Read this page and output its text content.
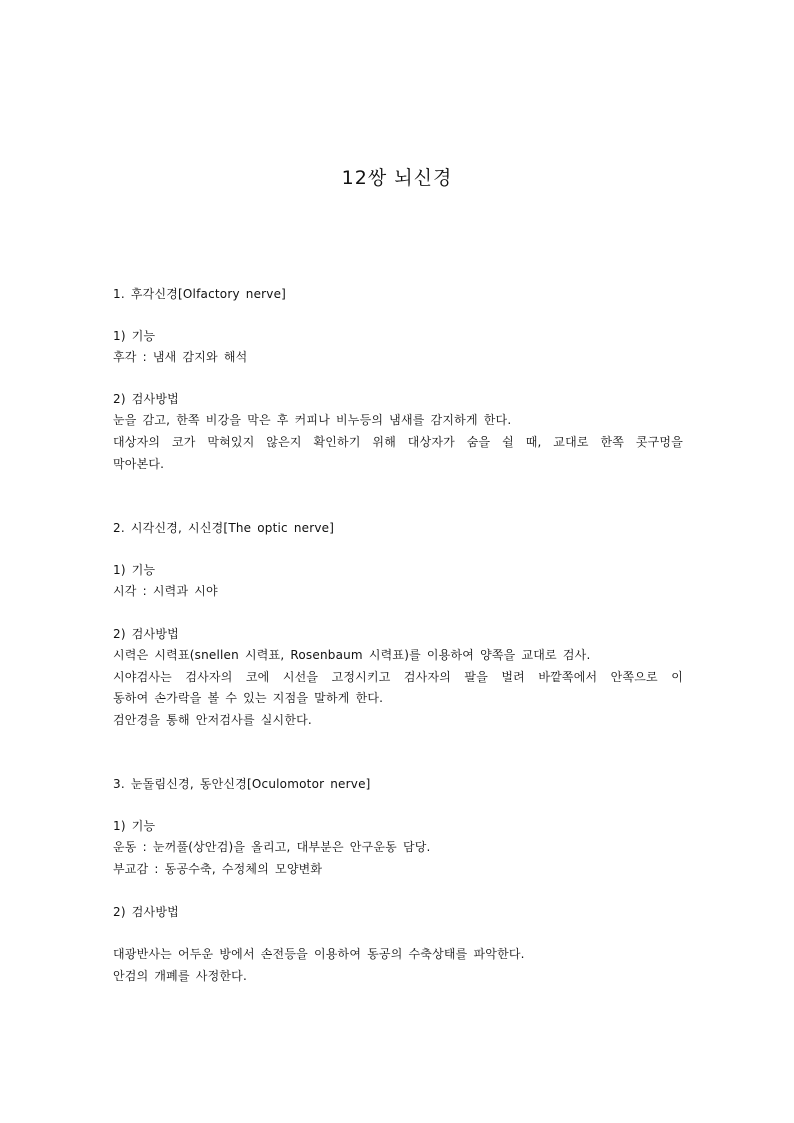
12쌍 뇌신경
1. 후각신경[Olfactory nerve]
1) 기능
후각 : 냄새 감지와 해석
2) 검사방법
눈을 감고, 한쪽 비강을 막은 후 커피나 비누등의 냄새를 감지하게 한다.
대상자의 코가 막혀있지 않은지 확인하기 위해 대상자가 숨을 쉴 때, 교대로 한쪽 콧구멍을
막아본다.
2. 시각신경, 시신경[The optic nerve]
1) 기능
시각 : 시력과 시야
2) 검사방법
시력은 시력표(snellen 시력표, Rosenbaum 시력표)를 이용하여 양쪽을 교대로 검사.
시야검사는 검사자의 코에 시선을 고정시키고 검사자의 팔을 벌려 바깥쪽에서 안쪽으로 이
동하여 손가락을 볼 수 있는 지점을 말하게 한다.
검안경을 통해 안저검사를 실시한다.
3. 눈돌림신경, 동안신경[Oculomotor nerve]
1) 기능
운동 : 눈꺼풀(상안검)을 올리고, 대부분은 안구운동 담당.
부교감 : 동공수축, 수정체의 모양변화
2) 검사방법
대광반사는 어두운 방에서 손전등을 이용하여 동공의 수축상태를 파악한다.
안검의 개폐를 사정한다.
